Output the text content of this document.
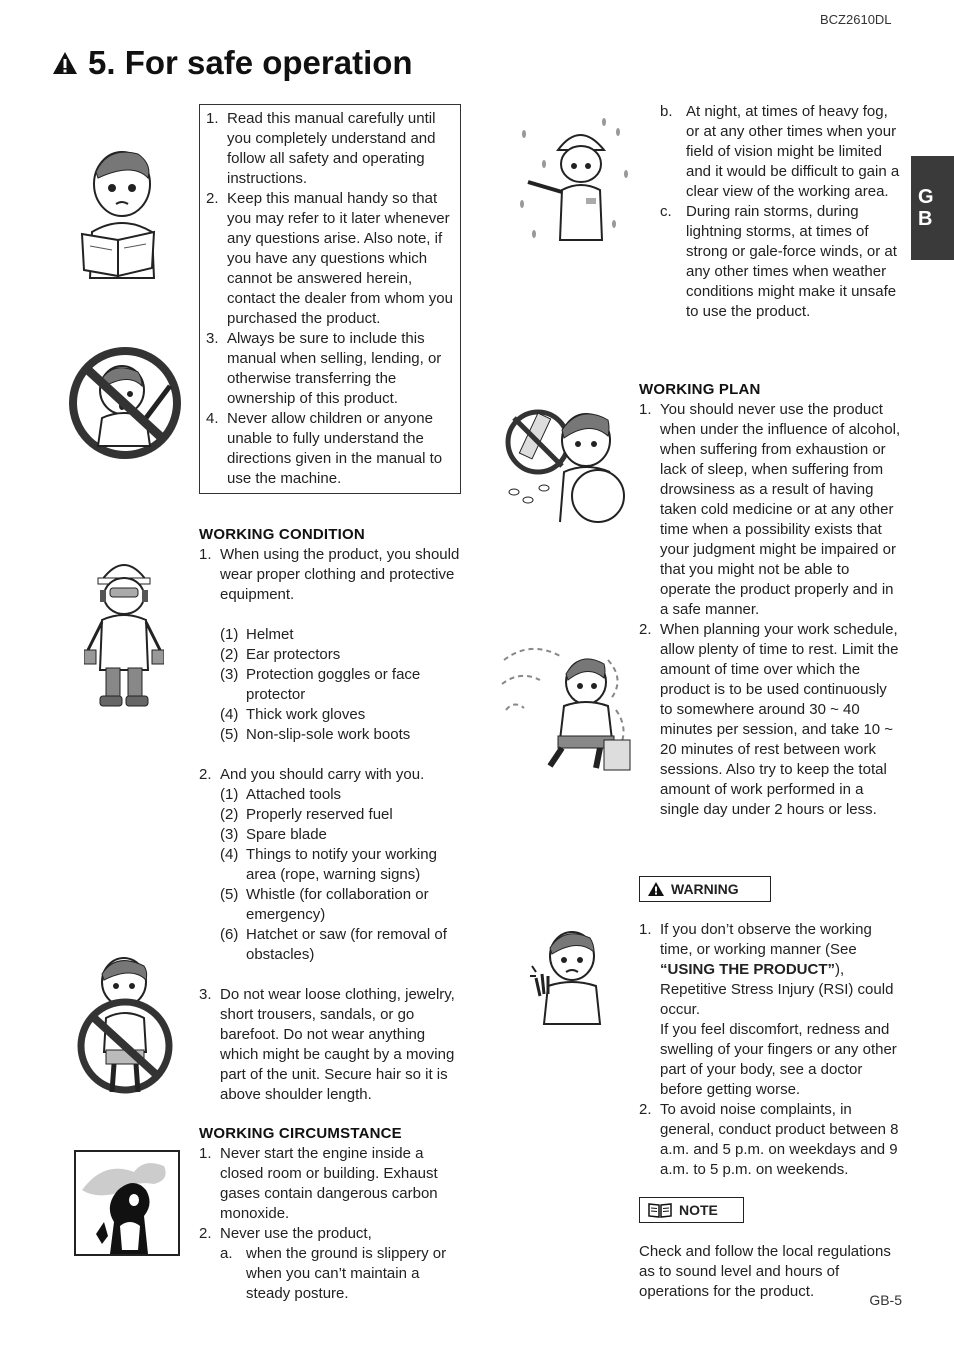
BCZ2610DL
5. For safe operation
G
B
1. Read this manual carefully until you completely understand and follow all safety and operating instructions.
2. Keep this manual handy so that you may refer to it later whenever any questions arise. Also note, if you have any questions which cannot be answered herein, contact the dealer from whom you purchased the product.
3. Always be sure to include this manual when selling, lending, or otherwise transferring the ownership of this product.
4. Never allow children or anyone unable to fully understand the directions given in the manual to use the machine.
WORKING CONDITION
1. When using the product, you should wear proper clothing and protective equipment.
(1) Helmet
(2) Ear protectors
(3) Protection goggles or face protector
(4) Thick work gloves
(5) Non-slip-sole work boots
2. And you should carry with you.
(1) Attached tools
(2) Properly reserved fuel
(3) Spare blade
(4) Things to notify your working area (rope, warning signs)
(5) Whistle (for collaboration or emergency)
(6) Hatchet or saw (for removal of obstacles)
3. Do not wear loose clothing, jewelry, short trousers, sandals, or go barefoot. Do not wear anything which might be caught by a moving part of the unit. Secure hair so it is above shoulder length.
WORKING CIRCUMSTANCE
1. Never start the engine inside a closed room or building. Exhaust gases contain dangerous carbon monoxide.
2. Never use the product,
a. when the ground is slippery or when you can’t maintain a steady posture.
b. At night, at times of heavy fog, or at any other times when your field of vision might be limited and it would be difficult to gain a clear view of the working area.
c. During rain storms, during lightning storms, at times of strong or gale-force winds, or at any other times when weather conditions might make it unsafe to use the product.
WORKING PLAN
1. You should never use the product when under the influence of alcohol, when suffering from exhaustion or lack of sleep, when suffering from drowsiness as a result of having taken cold medicine or at any other time when a possibility exists that your judgment might be impaired or that you might not be able to operate the product properly and in a safe manner.
2. When planning your work schedule, allow plenty of time to rest. Limit the amount of time over which the product is to be used continuously to somewhere around 30 ~ 40 minutes per session, and take 10 ~ 20 minutes of rest between work sessions. Also try to keep the total amount of work performed in a single day under 2 hours or less.
WARNING
1. If you don’t observe the working time, or working manner (See “USING THE PRODUCT”), Repetitive Stress Injury (RSI) could occur.
If you feel discomfort, redness and swelling of your fingers or any other part of your body, see a doctor before getting worse.
2. To avoid noise complaints, in general, conduct product between 8 a.m. and 5 p.m. on weekdays and 9 a.m. to 5 p.m. on weekends.
NOTE
Check and follow the local regulations as to sound level and hours of operations for the product.	GB-5
